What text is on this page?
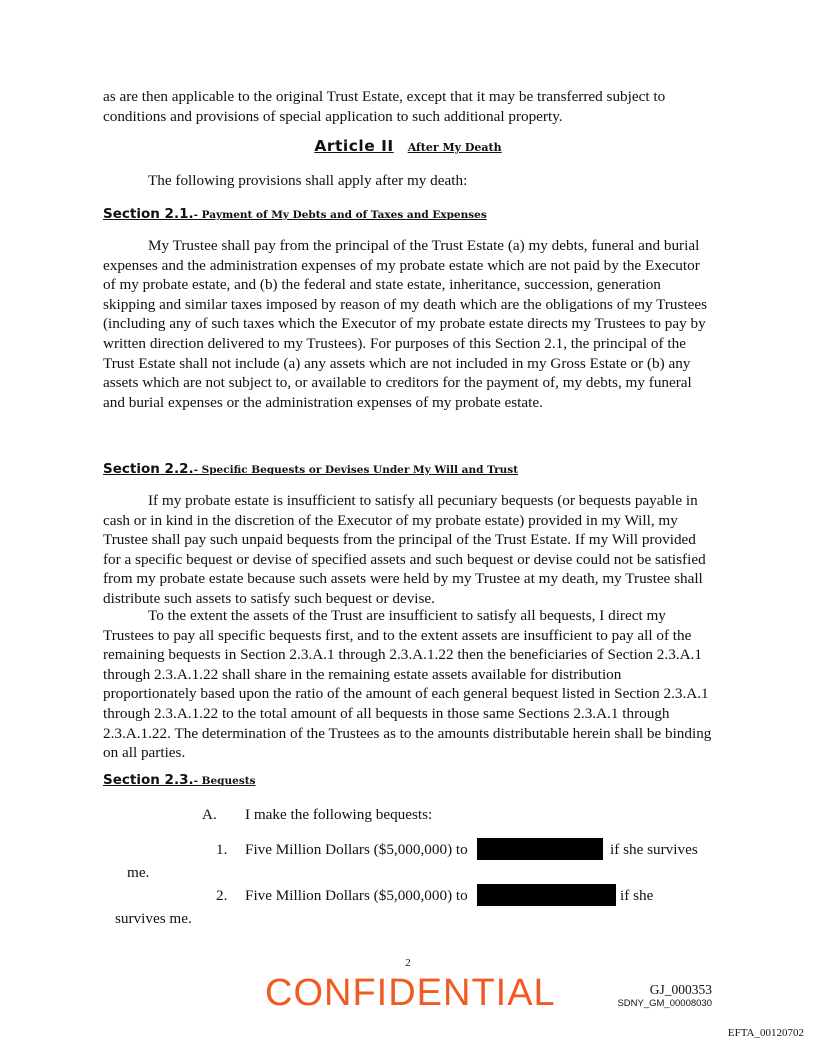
as are then applicable to the original Trust Estate, except that it may be transferred subject to conditions and provisions of special application to such additional property.

Article II After My Death

The following provisions shall apply after my death:

Section 2.1.- Payment of My Debts and of Taxes and Expenses

My Trustee shall pay from the principal of the Trust Estate (a) my debts, funeral and burial expenses and the administration expenses of my probate estate which are not paid by the Executor of my probate estate, and (b) the federal and state estate, inheritance, succession, generation skipping and similar taxes imposed by reason of my death which are the obligations of my Trustees (including any of such taxes which the Executor of my probate estate directs my Trustees to pay by written direction delivered to my Trustees). For purposes of this Section 2.1, the principal of the Trust Estate shall not include (a) any assets which are not included in my Gross Estate or (b) any assets which are not subject to, or available to creditors for the payment of, my debts, my funeral and burial expenses or the administration expenses of my probate estate.

Section 2.2.- Specific Bequests or Devises Under My Will and Trust

If my probate estate is insufficient to satisfy all pecuniary bequests (or bequests payable in cash or in kind in the discretion of the Executor of my probate estate) provided in my Will, my Trustee shall pay such unpaid bequests from the principal of the Trust Estate. If my Will provided for a specific bequest or devise of specified assets and such bequest or devise could not be satisfied from my probate estate because such assets were held by my Trustee at my death, my Trustee shall distribute such assets to satisfy such bequest or devise.

To the extent the assets of the Trust are insufficient to satisfy all bequests, I direct my Trustees to pay all specific bequests first, and to the extent assets are insufficient to pay all of the remaining bequests in Section 2.3.A.1 through 2.3.A.1.22 then the beneficiaries of Section 2.3.A.1 through 2.3.A.1.22 shall share in the remaining estate assets available for distribution proportionately based upon the ratio of the amount of each general bequest listed in Section 2.3.A.1 through 2.3.A.1.22 to the total amount of all bequests in those same Sections 2.3.A.1 through 2.3.A.1.22. The determination of the Trustees as to the amounts distributable herein shall be binding on all parties.

Section 2.3.- Bequests
A. I make the following bequests:
1. Five Million Dollars ($5,000,000) to	if she survives
me.
2. Five Million Dollars ($5,000,000) to	if she
survives me.
2
CONFIDENTIAL	GJ_000353
SDNY_GM_00008030
EFTA_00120702
